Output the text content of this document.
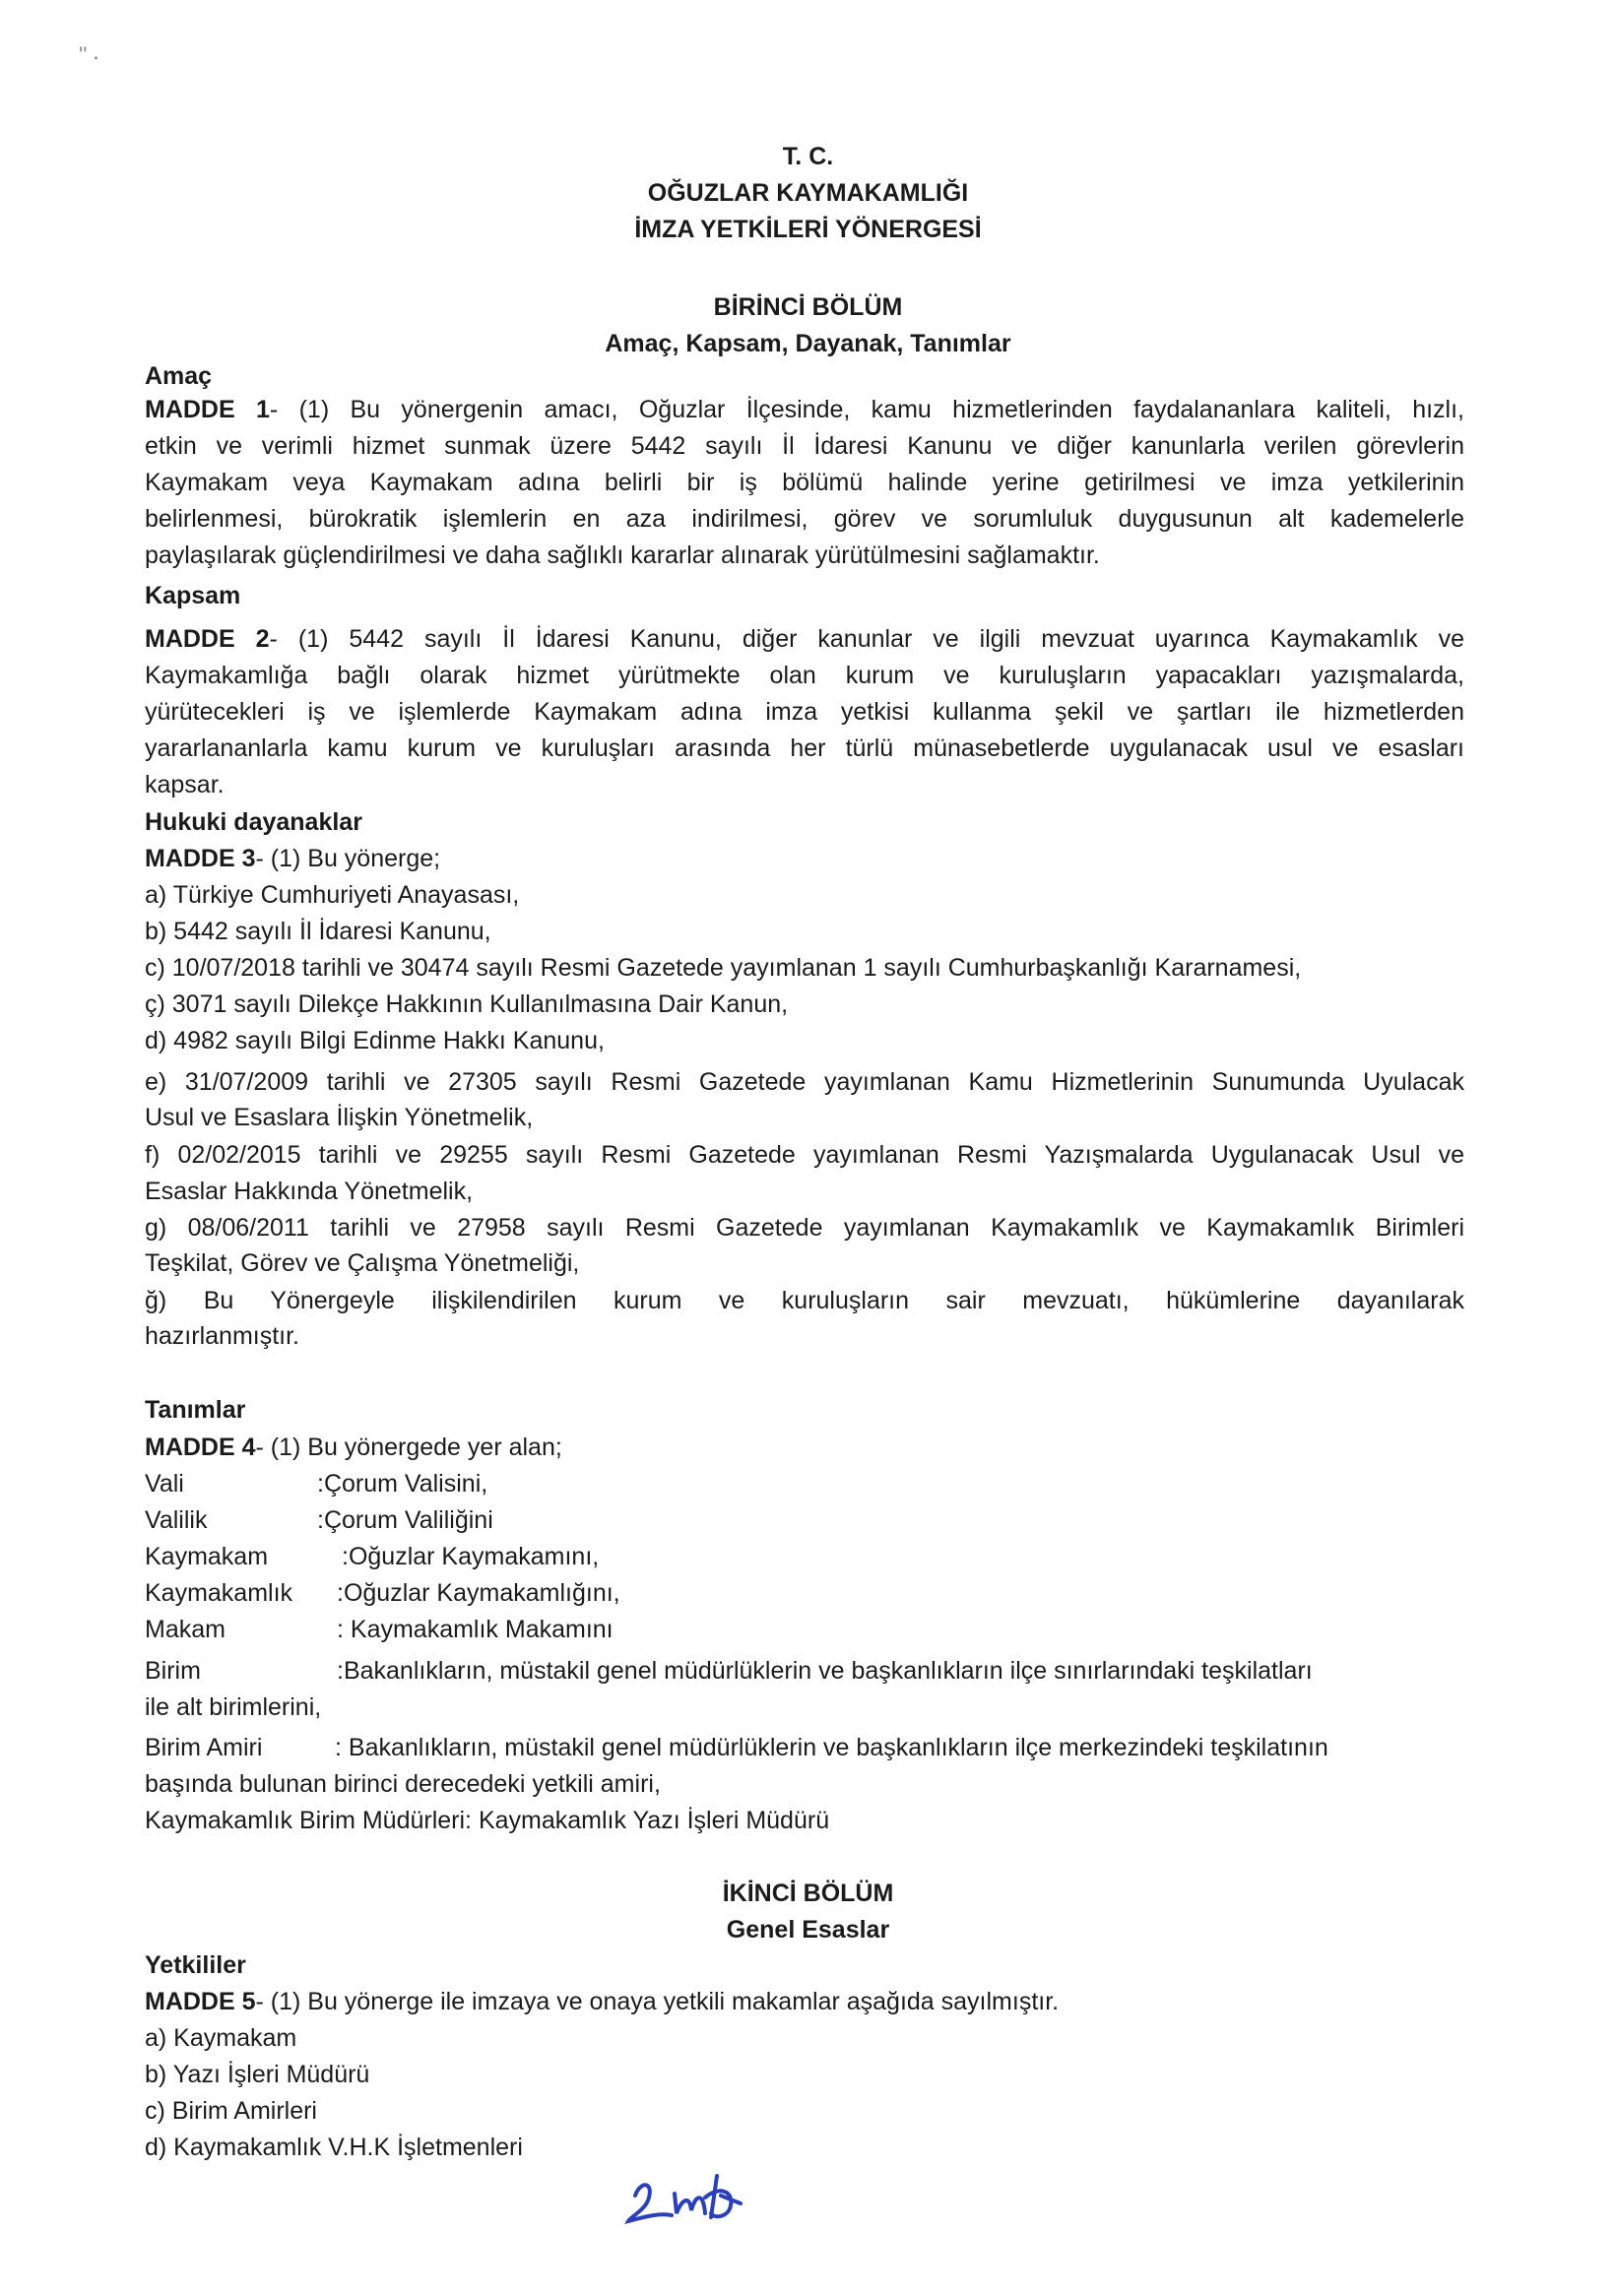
'' ⸳
T. C.
OĞUZLAR KAYMAKAMLIĞI
İMZA YETKİLERİ YÖNERGESİ
BİRİNCİ BÖLÜM
Amaç, Kapsam, Dayanak, Tanımlar
Amaç
MADDE 1- (1) Bu yönergenin amacı, Oğuzlar İlçesinde, kamu hizmetlerinden faydalananlara kaliteli, hızlı,
etkin ve verimli hizmet sunmak üzere 5442 sayılı İl İdaresi Kanunu ve diğer kanunlarla verilen görevlerin
Kaymakam veya Kaymakam adına belirli bir iş bölümü halinde yerine getirilmesi ve imza yetkilerinin
belirlenmesi, bürokratik işlemlerin en aza indirilmesi, görev ve sorumluluk duygusunun alt kademelerle
paylaşılarak güçlendirilmesi ve daha sağlıklı kararlar alınarak yürütülmesini sağlamaktır.
Kapsam
MADDE 2- (1) 5442 sayılı İl İdaresi Kanunu, diğer kanunlar ve ilgili mevzuat uyarınca Kaymakamlık ve
Kaymakamlığa bağlı olarak hizmet yürütmekte olan kurum ve kuruluşların yapacakları yazışmalarda,
yürütecekleri iş ve işlemlerde Kaymakam adına imza yetkisi kullanma şekil ve şartları ile hizmetlerden
yararlananlarla kamu kurum ve kuruluşları arasında her türlü münasebetlerde uygulanacak usul ve esasları
kapsar.
Hukuki dayanaklar
MADDE 3- (1) Bu yönerge;
a) Türkiye Cumhuriyeti Anayasası,
b) 5442 sayılı İl İdaresi Kanunu,
c) 10/07/2018 tarihli ve 30474 sayılı Resmi Gazetede yayımlanan 1 sayılı Cumhurbaşkanlığı Kararnamesi,
ç) 3071 sayılı Dilekçe Hakkının Kullanılmasına Dair Kanun,
d) 4982 sayılı Bilgi Edinme Hakkı Kanunu,
e) 31/07/2009 tarihli ve 27305 sayılı Resmi Gazetede yayımlanan Kamu Hizmetlerinin Sunumunda Uyulacak
Usul ve Esaslara İlişkin Yönetmelik,
f) 02/02/2015 tarihli ve 29255 sayılı Resmi Gazetede yayımlanan Resmi Yazışmalarda Uygulanacak Usul ve
Esaslar Hakkında Yönetmelik,
g) 08/06/2011 tarihli ve 27958 sayılı Resmi Gazetede yayımlanan Kaymakamlık ve Kaymakamlık Birimleri
Teşkilat, Görev ve Çalışma Yönetmeliği,
ğ) Bu Yönergeyle ilişkilendirilen kurum ve kuruluşların sair mevzuatı, hükümlerine dayanılarak
hazırlanmıştır.
Tanımlar
MADDE 4- (1) Bu yönergede yer alan;
Vali	:Çorum Valisini,
Valilik	:Çorum Valiliğini
Kaymakam	:Oğuzlar Kaymakamını,
Kaymakamlık :Oğuzlar Kaymakamlığını,
Makam	: Kaymakamlık Makamını
Birim	:Bakanlıkların, müstakil genel müdürlüklerin ve başkanlıkların ilçe sınırlarındaki teşkilatları
ile alt birimlerini,
Birim Amiri	: Bakanlıkların, müstakil genel müdürlüklerin ve başkanlıkların ilçe merkezindeki teşkilatının
başında bulunan birinci derecedeki yetkili amiri,
Kaymakamlık Birim Müdürleri: Kaymakamlık Yazı İşleri Müdürü
İKİNCİ BÖLÜM
Genel Esaslar
Yetkililer
MADDE 5- (1) Bu yönerge ile imzaya ve onaya yetkili makamlar aşağıda sayılmıştır.
a) Kaymakam
b) Yazı İşleri Müdürü
c) Birim Amirleri
d) Kaymakamlık V.H.K İşletmenleri
